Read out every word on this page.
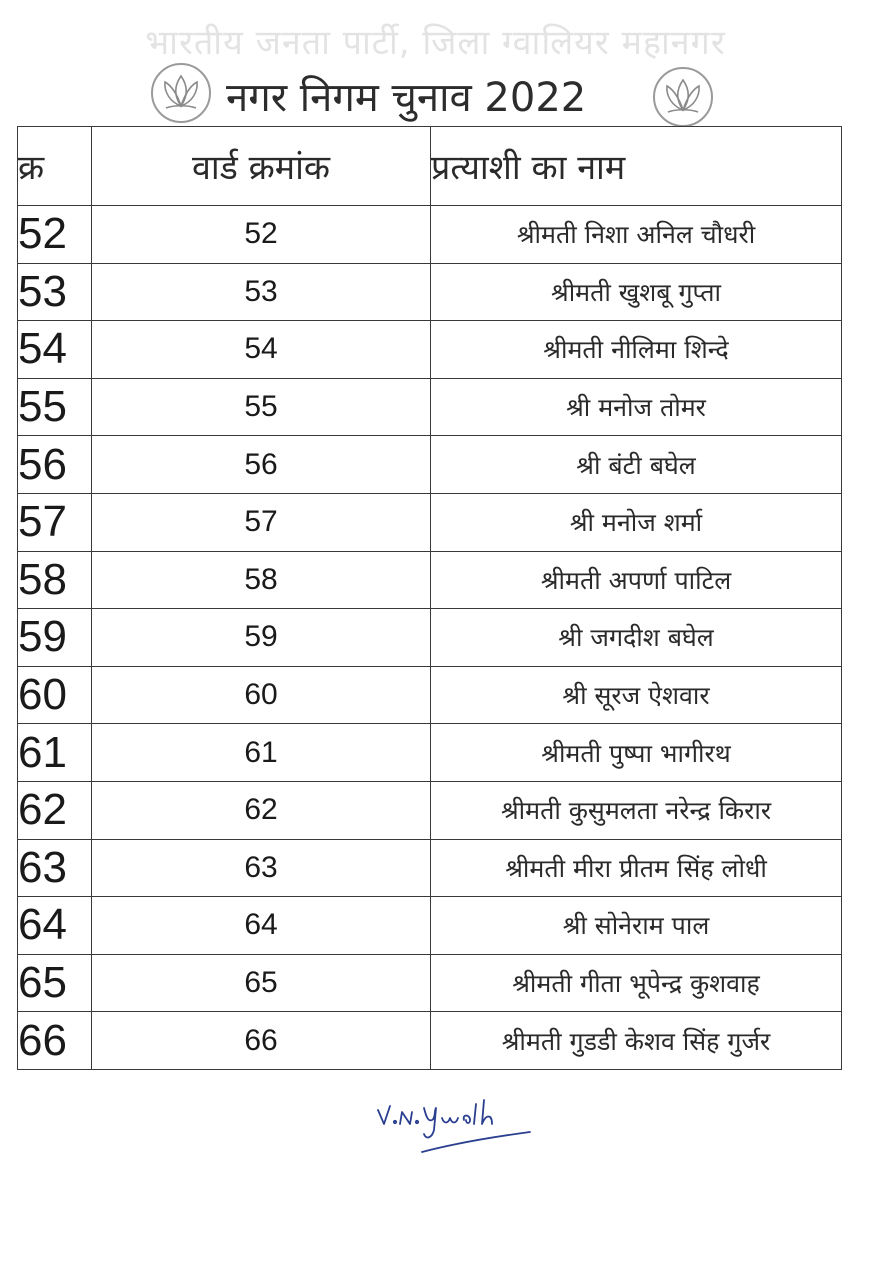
भारतीय जनता पार्टी, जिला ग्वालियर महानगर
नगर निगम चुनाव 2022
क्र	वार्ड क्रमांक	प्रत्याशी का नाम
52	52	श्रीमती निशा अनिल चौधरी
53	53	श्रीमती खुशबू गुप्ता
54	54	श्रीमती नीलिमा शिन्दे
55	55	श्री मनोज तोमर
56	56	श्री बंटी बघेल
57	57	श्री मनोज शर्मा
58	58	श्रीमती अपर्णा पाटिल
59	59	श्री जगदीश बघेल
60	60	श्री सूरज ऐशवार
61	61	श्रीमती पुष्पा भागीरथ
62	62	श्रीमती कुसुमलता नरेन्द्र किरार
63	63	श्रीमती मीरा प्रीतम सिंह लोधी
64	64	श्री सोनेराम पाल
65	65	श्रीमती गीता भूपेन्द्र कुशवाह
66	66	श्रीमती गुडडी केशव सिंह गुर्जर
